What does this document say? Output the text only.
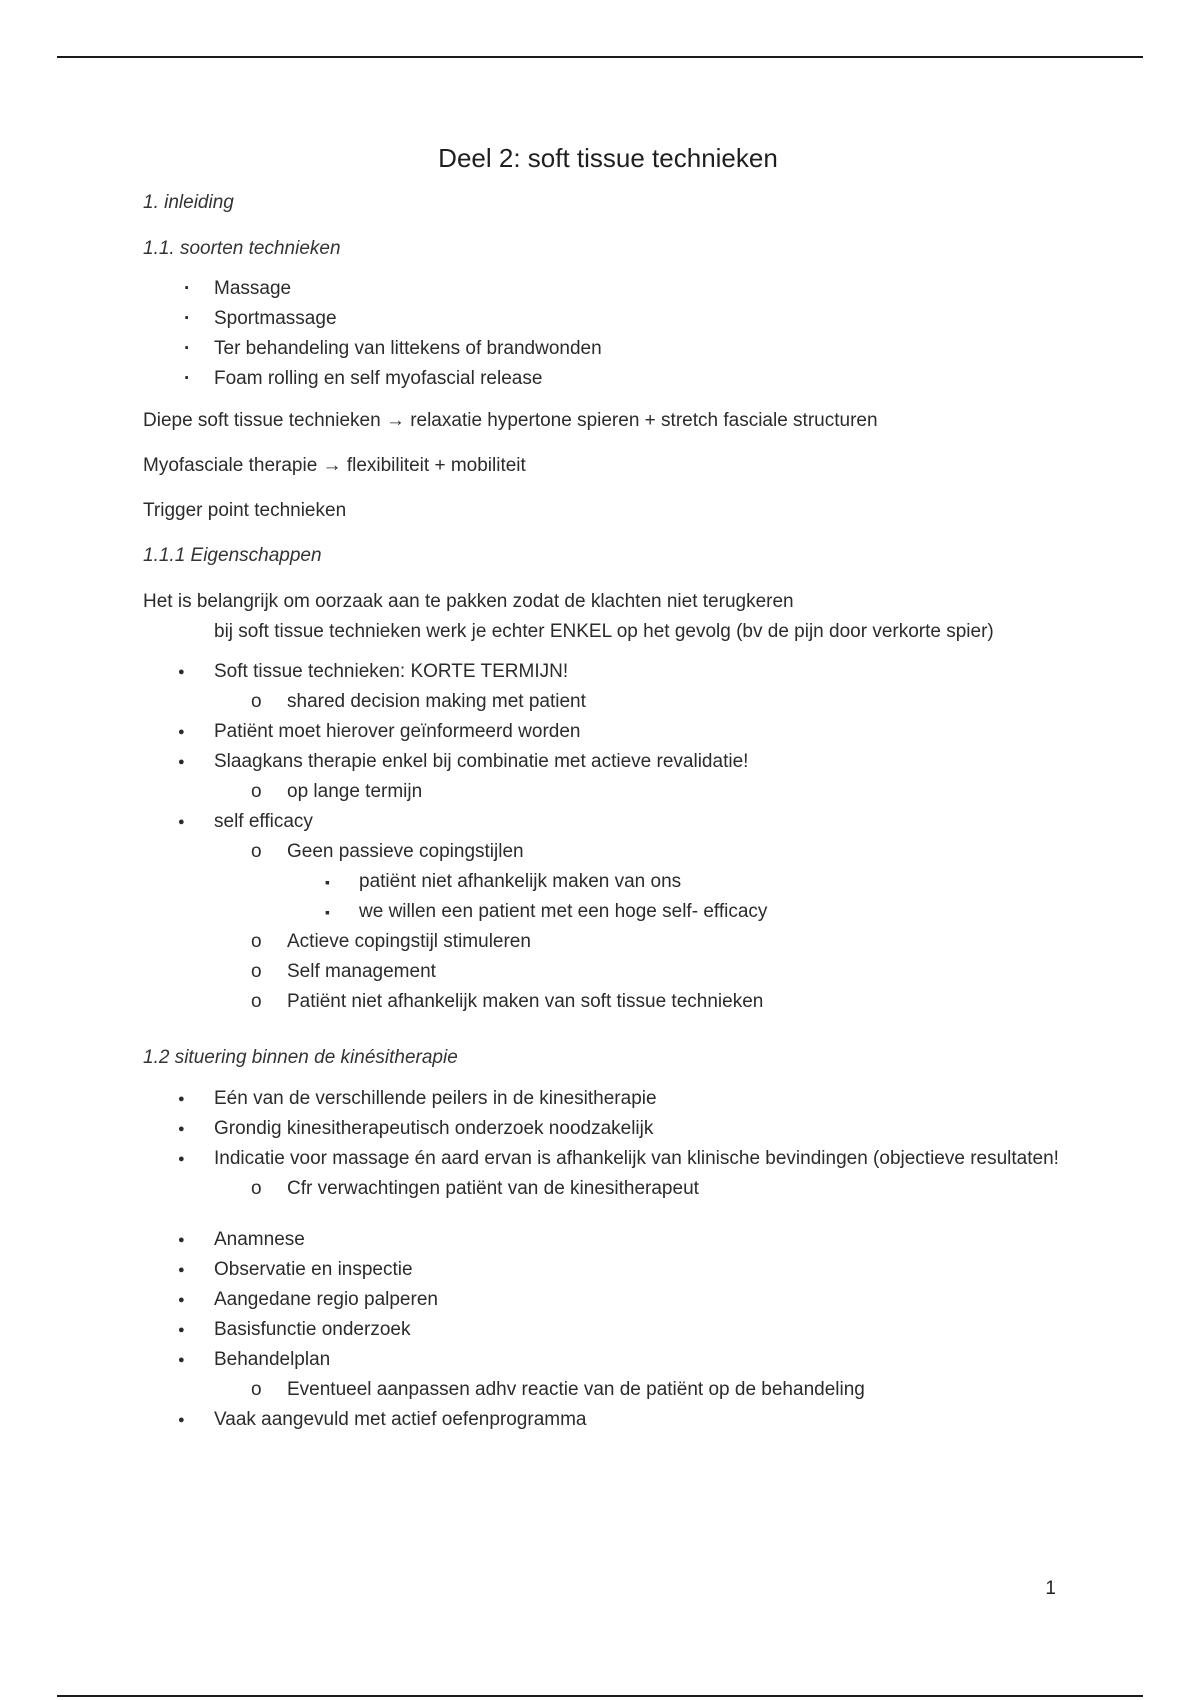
Deel 2: soft tissue technieken
1. inleiding
1.1. soorten technieken
· Massage
· Sportmassage
· Ter behandeling van littekens of brandwonden
· Foam rolling en self myofascial release

Diepe soft tissue technieken → relaxatie hypertone spieren + stretch fasciale structuren

Myofasciale therapie → flexibiliteit + mobiliteit

Trigger point technieken

1.1.1 Eigenschappen

Het is belangrijk om oorzaak aan te pakken zodat de klachten niet terugkeren
bij soft tissue technieken werk je echter ENKEL op het gevolg (bv de pijn door verkorte spier)

● Soft tissue technieken: KORTE TERMIJN!
o shared decision making met patient
● Patiënt moet hierover geïnformeerd worden
● Slaagkans therapie enkel bij combinatie met actieve revalidatie!
o op lange termijn
● self efficacy
o Geen passieve copingstijlen
▪ patiënt niet afhankelijk maken van ons
▪ we willen een patient met een hoge self- efficacy
o Actieve copingstijl stimuleren
o Self management
o Patiënt niet afhankelijk maken van soft tissue technieken
1.2 situering binnen de kinésitherapie
● Eén van de verschillende peilers in de kinesitherapie
● Grondig kinesitherapeutisch onderzoek noodzakelijk
● Indicatie voor massage én aard ervan is afhankelijk van klinische bevindingen (objectieve resultaten!
o Cfr verwachtingen patiënt van de kinesitherapeut
● Anamnese
● Observatie en inspectie
● Aangedane regio palperen
● Basisfunctie onderzoek
● Behandelplan
o Eventueel aanpassen adhv reactie van de patiënt op de behandeling
● Vaak aangevuld met actief oefenprogramma
1
